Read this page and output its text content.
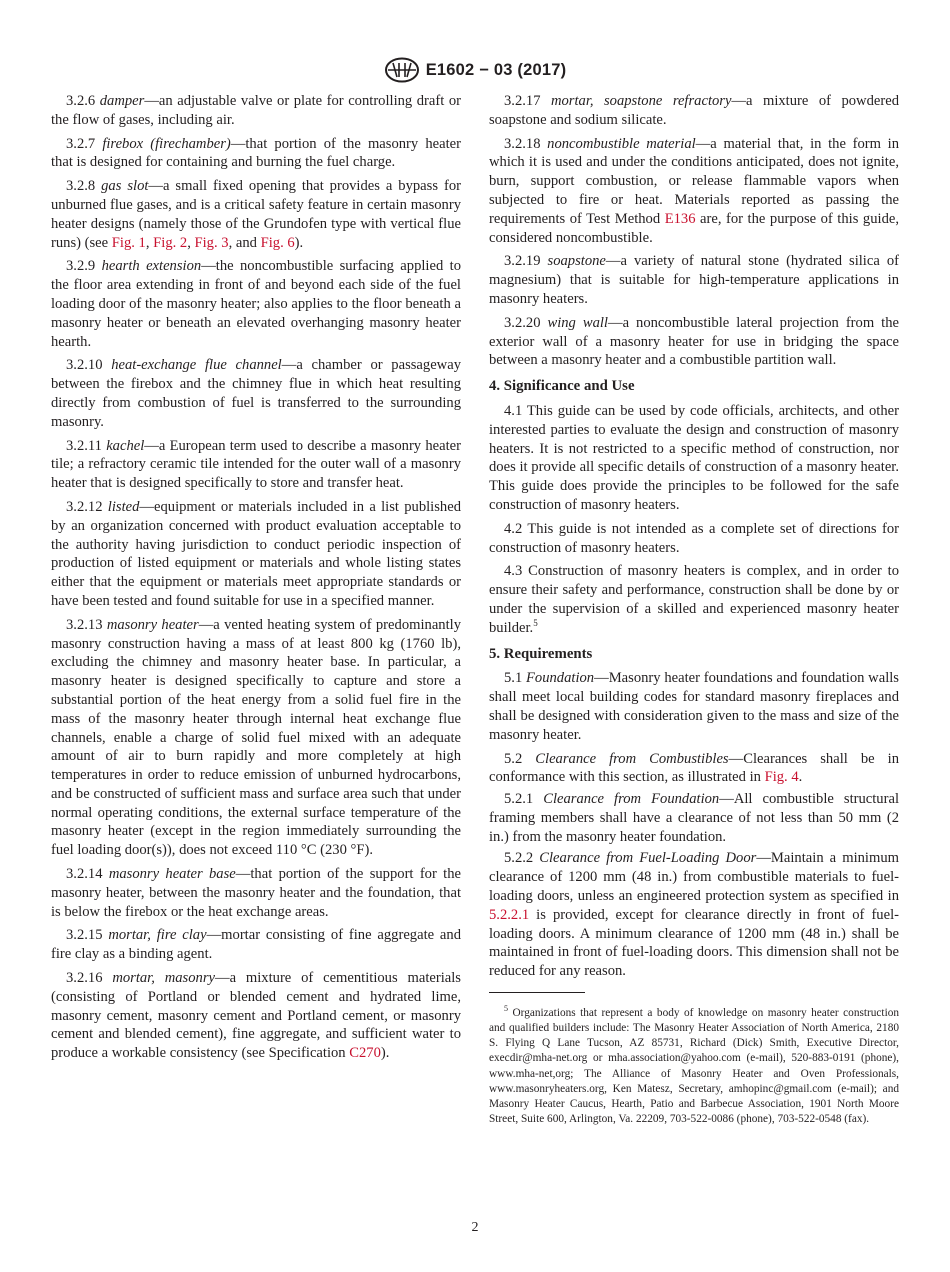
E1602 − 03 (2017)

3.2.6 damper—an adjustable valve or plate for controlling draft or the flow of gases, including air.

3.2.7 firebox (firechamber)—that portion of the masonry heater that is designed for containing and burning the fuel charge.

3.2.8 gas slot—a small fixed opening that provides a bypass for unburned flue gases, and is a critical safety feature in certain masonry heater designs (namely those of the Grundofen type with vertical flue runs) (see Fig. 1, Fig. 2, Fig. 3, and Fig. 6).

3.2.9 hearth extension—the noncombustible surfacing applied to the floor area extending in front of and beyond each side of the fuel loading door of the masonry heater; also applies to the floor beneath a masonry heater or beneath an elevated overhanging masonry heater hearth.

3.2.10 heat-exchange flue channel—a chamber or passageway between the firebox and the chimney flue in which heat resulting directly from combustion of fuel is transferred to the surrounding masonry.

3.2.11 kachel—a European term used to describe a masonry heater tile; a refractory ceramic tile intended for the outer wall of a masonry heater that is designed specifically to store and transfer heat.

3.2.12 listed—equipment or materials included in a list published by an organization concerned with product evaluation acceptable to the authority having jurisdiction to conduct periodic inspection of production of listed equipment or materials and whole listing states either that the equipment or materials meet appropriate standards or have been tested and found suitable for use in a specified manner.

3.2.13 masonry heater—a vented heating system of predominantly masonry construction having a mass of at least 800 kg (1760 lb), excluding the chimney and masonry heater base. In particular, a masonry heater is designed specifically to capture and store a substantial portion of the heat energy from a solid fuel fire in the mass of the masonry heater through internal heat exchange flue channels, enable a charge of solid fuel mixed with an adequate amount of air to burn rapidly and more completely at high temperatures in order to reduce emission of unburned hydrocarbons, and be constructed of sufficient mass and surface area such that under normal operating conditions, the external surface temperature of the masonry heater (except in the region immediately surrounding the fuel loading door(s)), does not exceed 110 °C (230 °F).

3.2.14 masonry heater base—that portion of the support for the masonry heater, between the masonry heater and the foundation, that is below the firebox or the heat exchange areas.

3.2.15 mortar, fire clay—mortar consisting of fine aggregate and fire clay as a binding agent.

3.2.16 mortar, masonry—a mixture of cementitious materials (consisting of Portland or blended cement and hydrated lime, masonry cement, masonry cement and Portland cement, or masonry cement and blended cement), fine aggregate, and sufficient water to produce a workable consistency (see Specification C270).

3.2.17 mortar, soapstone refractory—a mixture of powdered soapstone and sodium silicate.

3.2.18 noncombustible material—a material that, in the form in which it is used and under the conditions anticipated, does not ignite, burn, support combustion, or release flammable vapors when subjected to fire or heat. Materials reported as passing the requirements of Test Method E136 are, for the purpose of this guide, considered noncombustible.

3.2.19 soapstone—a variety of natural stone (hydrated silica of magnesium) that is suitable for high-temperature applications in masonry heaters.

3.2.20 wing wall—a noncombustible lateral projection from the exterior wall of a masonry heater for use in bridging the space between a masonry heater and a combustible partition wall.

4. Significance and Use

4.1 This guide can be used by code officials, architects, and other interested parties to evaluate the design and construction of masonry heaters. It is not restricted to a specific method of construction, nor does it provide all specific details of construction of a masonry heater. This guide does provide the principles to be followed for the safe construction of masonry heaters.

4.2 This guide is not intended as a complete set of directions for construction of masonry heaters.

4.3 Construction of masonry heaters is complex, and in order to ensure their safety and performance, construction shall be done by or under the supervision of a skilled and experienced masonry heater builder.$^5$

5. Requirements

5.1 Foundation—Masonry heater foundations and foundation walls shall meet local building codes for standard masonry fireplaces and shall be designed with consideration given to the mass and size of the masonry heater.

5.2 Clearance from Combustibles—Clearances shall be in conformance with this section, as illustrated in Fig. 4.

5.2.1 Clearance from Foundation—All combustible structural framing members shall have a clearance of not less than 50 mm (2 in.) from the masonry heater foundation.

5.2.2 Clearance from Fuel-Loading Door—Maintain a minimum clearance of 1200 mm (48 in.) from combustible materials to fuel-loading doors, unless an engineered protection system as specified in 5.2.2.1 is provided, except for clearance directly in front of fuel-loading doors. A minimum clearance of 1200 mm (48 in.) shall be maintained in front of fuel-loading doors. This dimension shall not be reduced for any reason.

$^5$ Organizations that represent a body of knowledge on masonry heater construction and qualified builders include: The Masonry Heater Association of North America, 2180 S. Flying Q Lane Tucson, AZ 85731, Richard (Dick) Smith, Executive Director, execdir@mha-net.org or mha.association@yahoo.com (e-mail), 520-883-0191 (phone), www.mha-net,org; The Alliance of Masonry Heater and Oven Professionals, www.masonryheaters.org, Ken Matesz, Secretary, amhopinc@gmail.com (e-mail); and Masonry Heater Caucus, Hearth, Patio and Barbecue Association, 1901 North Moore Street, Suite 600, Arlington, Va. 22209, 703-522-0086 (phone), 703-522-0548 (fax).
2
